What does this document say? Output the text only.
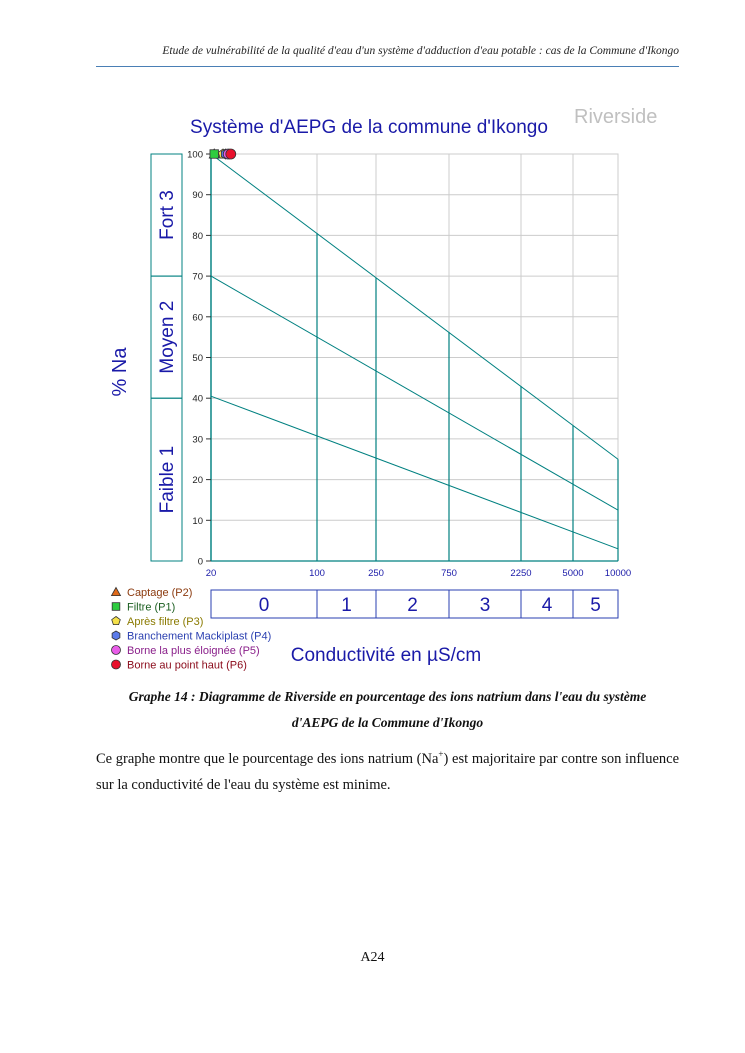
Etude de vulnérabilité de la qualité d'eau d'un système d'adduction d'eau potable : cas de la Commune d'Ikongo
Faible 1
Moyen 2
Fort 3
0	1	2	3	4 5
0
10
20
30
40
50
60
70
80
90
100
20	100	250	750	2250	5000 10000
Captage (P2)
Filtre (P1)
Après filtre (P3)
Branchement Mackiplast (P4)
Borne la plus éloignée (P5)
Borne au point haut (P6)
Système d'AEPG de la commune d'Ikongo Riverside
% Na
Conductivité en µS/cm
Graphe 14 : Diagramme de Riverside en pourcentage des ions natrium dans l'eau du système
d'AEPG de la Commune d'Ikongo
Ce graphe montre que le pourcentage des ions natrium (Na+) est majoritaire par contre son influence sur la conductivité de l'eau du système est minime.
A24
